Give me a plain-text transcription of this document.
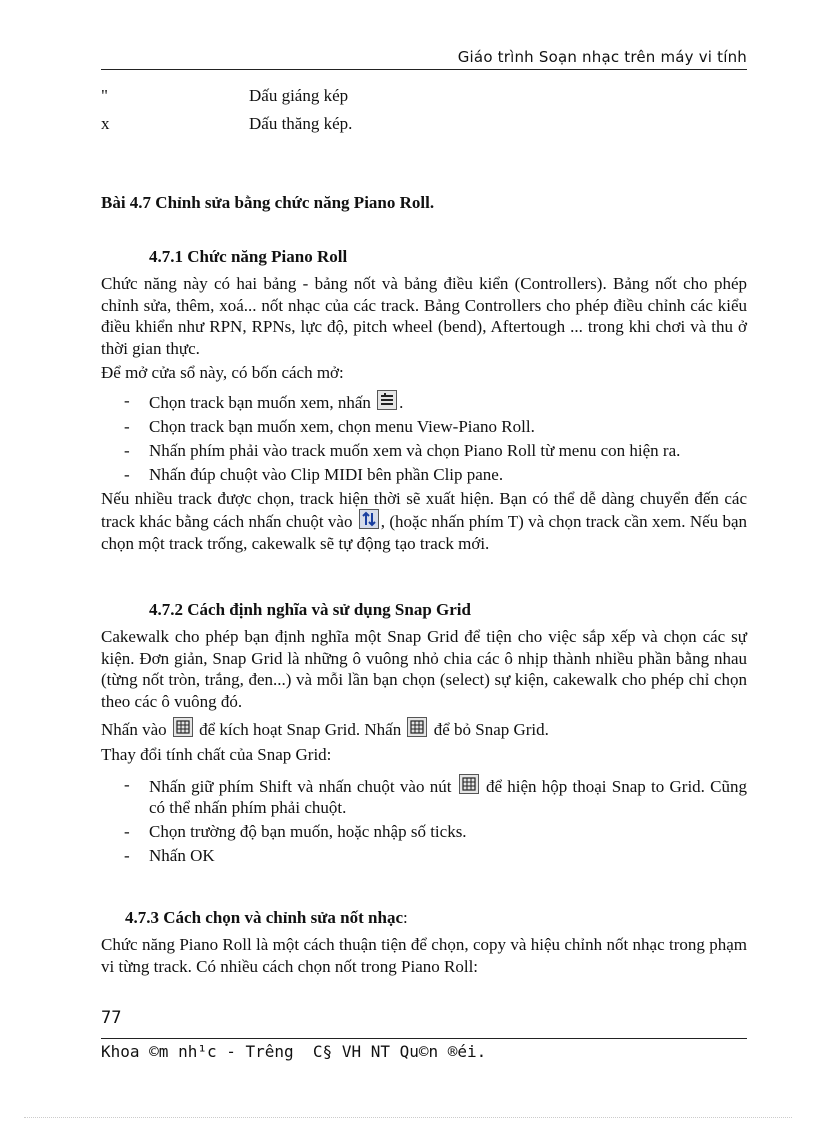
Giáo trình Soạn nhạc trên máy vi tính
"	Dấu giáng kép
x	Dấu thăng kép.
Bài 4.7 Chỉnh sửa bằng chức năng Piano Roll.
4.7.1 Chức năng Piano Roll

Chức năng này có hai bảng - bảng nốt và bảng điều kiển (Controllers). Bảng nốt cho phép chỉnh sửa, thêm, xoá... nốt nhạc của các track. Bảng Controllers cho phép điều chỉnh các kiểu điều khiển như RPN, RPNs, lực độ, pitch wheel (bend), Aftertough ... trong khi chơi và thu ở thời gian thực.

Để mở cửa sổ này, có bốn cách mở:

- Chọn track bạn muốn xem, nhấn .
- Chọn track bạn muốn xem, chọn menu View-Piano Roll.
- Nhấn phím phải vào track muốn xem và chọn Piano Roll từ menu con hiện ra.
- Nhấn đúp chuột vào Clip MIDI bên phần Clip pane.

Nếu nhiều track được chọn, track hiện thời sẽ xuất hiện. Bạn có thể dễ dàng chuyển đến các track khác bằng cách nhấn chuột vào , (hoặc nhấn phím T) và chọn track cần xem. Nếu bạn chọn một track trống, cakewalk sẽ tự động tạo track mới.

4.7.2 Cách định nghĩa và sử dụng Snap Grid

Cakewalk cho phép bạn định nghĩa một Snap Grid để tiện cho việc sắp xếp và chọn các sự kiện. Đơn giản, Snap Grid là những ô vuông nhỏ chia các ô nhịp thành nhiều phần bằng nhau (từng nốt tròn, trắng, đen...) và mỗi lần bạn chọn (select) sự kiện, cakewalk cho phép chỉ chọn theo các ô vuông đó.

Nhấn vào để kích hoạt Snap Grid. Nhấn để bỏ Snap Grid.

Thay đổi tính chất của Snap Grid:

- Nhấn giữ phím Shift và nhấn chuột vào nút để hiện hộp thoại Snap to Grid. Cũng có thể nhấn phím phải chuột.
- Chọn trường độ bạn muốn, hoặc nhập số ticks.
- Nhấn OK
4.7.3 Cách chọn và chỉnh sửa nốt nhạc:

Chức năng Piano Roll là một cách thuận tiện để chọn, copy và hiệu chỉnh nốt nhạc trong phạm vi từng track. Có nhiều cách chọn nốt trong Piano Roll:

77
Khoa ©m nh¹c - Trêng  C§ VH NT Qu©n ®éi.
